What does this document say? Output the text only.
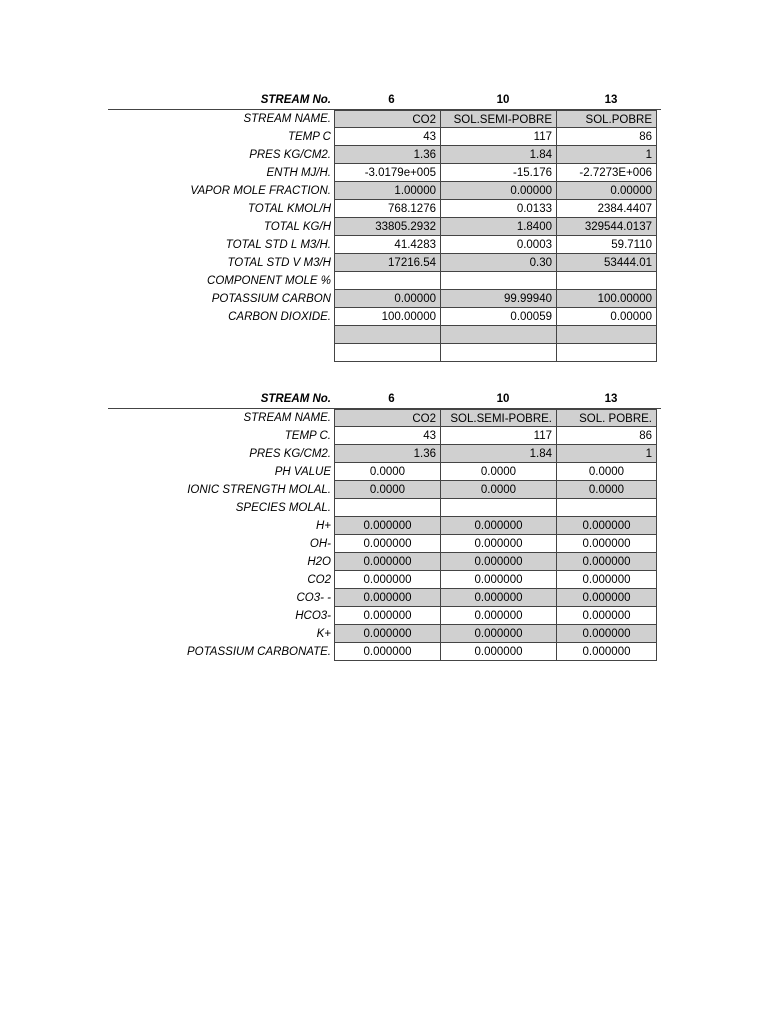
STREAM No.	6	10	13
STREAM NAME.	CO2	SOL.SEMI-POBRE	SOL.POBRE
TEMP C	43	117	86
PRES KG/CM2.	1.36	1.84	1
ENTH MJ/H.	-3.0179e+005	-15.176	-2.7273E+006
VAPOR MOLE FRACTION.	1.00000	0.00000	0.00000
TOTAL KMOL/H	768.1276	0.0133	2384.4407
TOTAL KG/H	33805.2932	1.8400	329544.0137
TOTAL STD L M3/H.	41.4283	0.0003	59.7110
TOTAL STD V M3/H	17216.54	0.30	53444.01
COMPONENT MOLE %
POTASSIUM CARBON	0.00000	99.99940	100.00000
CARBON DIOXIDE.	100.00000	0.00059	0.00000
STREAM No.	6	10	13
STREAM NAME.	CO2	SOL.SEMI-POBRE.	SOL. POBRE.
TEMP C.	43	117	86
PRES KG/CM2.	1.36	1.84	1
PH VALUE	0.0000	0.0000	0.0000
IONIC STRENGTH MOLAL.	0.0000	0.0000	0.0000
SPECIES MOLAL.
H+	0.000000	0.000000	0.000000
OH-	0.000000	0.000000	0.000000
H2O	0.000000	0.000000	0.000000
CO2	0.000000	0.000000	0.000000
CO3- -	0.000000	0.000000	0.000000
HCO3-	0.000000	0.000000	0.000000
K+	0.000000	0.000000	0.000000
POTASSIUM CARBONATE.	0.000000	0.000000	0.000000
